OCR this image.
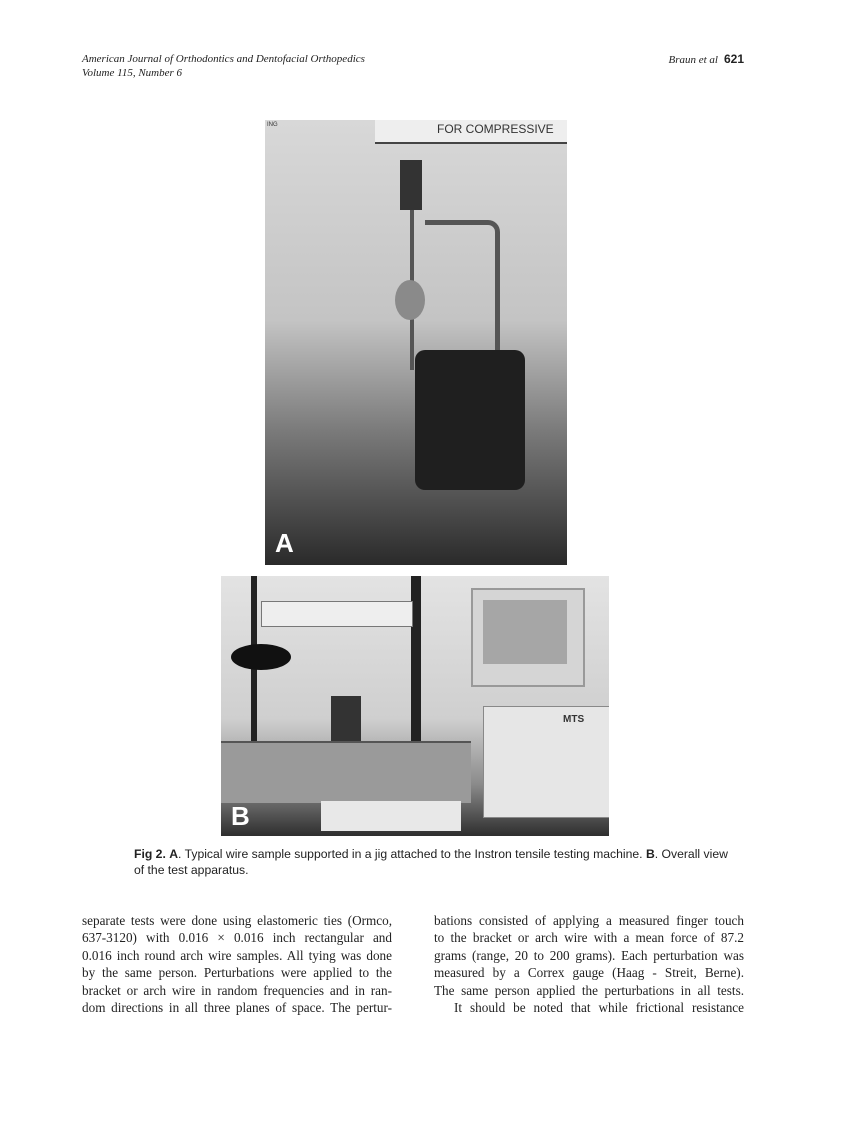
American Journal of Orthodontics and Dentofacial Orthopedics
Volume 115, Number 6
Braun et al 621
FOR COMPRESSIVE
ING
A
MTS
B
Fig 2. A. Typical wire sample supported in a jig attached to the Instron tensile testing machine. B. Overall view of the test apparatus.
separate tests were done using elastomeric ties (Ormco,
637-3120) with 0.016 × 0.016 inch rectangular and
0.016 inch round arch wire samples. All tying was done
by the same person. Perturbations were applied to the
bracket or arch wire in random frequencies and in ran-
dom directions in all three planes of space. The pertur-
bations consisted of applying a measured finger touch
to the bracket or arch wire with a mean force of 87.2
grams (range, 20 to 200 grams). Each perturbation was
measured by a Correx gauge (Haag - Streit, Berne).
The same person applied the perturbations in all tests.
It should be noted that while frictional resistance
